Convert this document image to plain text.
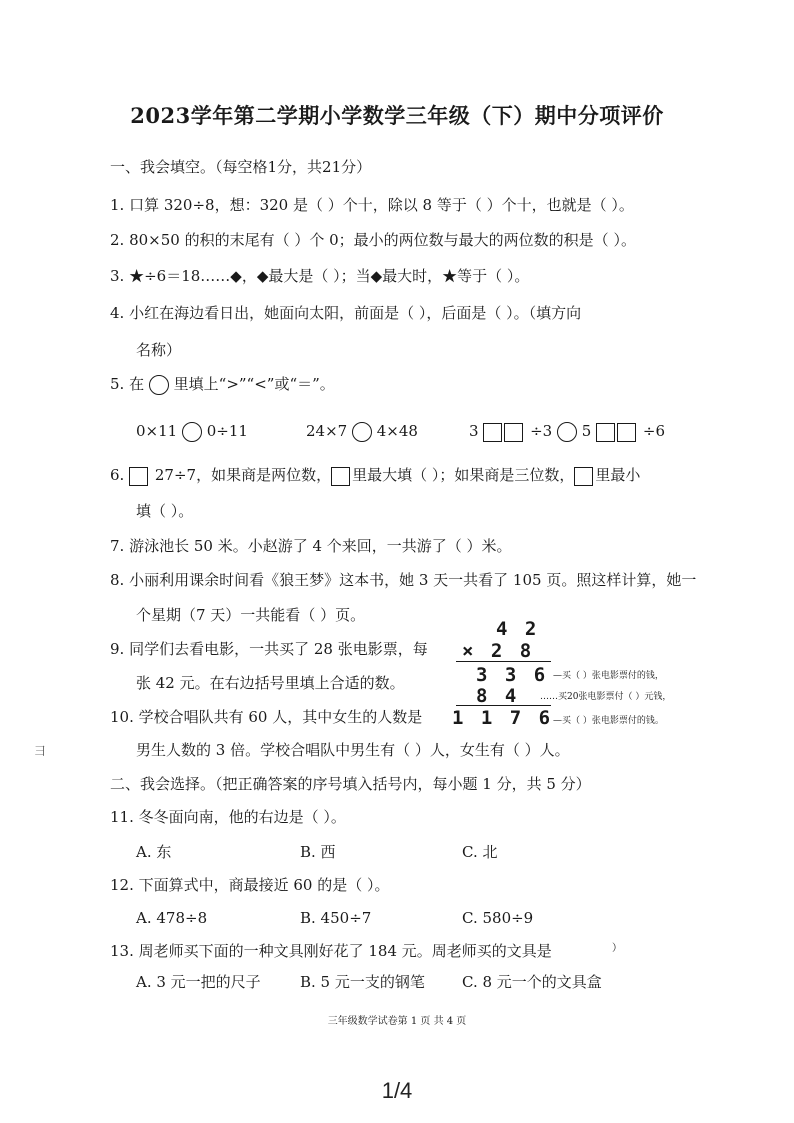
2023学年第二学期小学数学三年级（下）期中分项评价
一、我会填空。（每空格1分，共21分）
1. 口算 320÷8，想：320 是（ ）个十，除以 8 等于（ ）个十，也就是（ ）。
2. 80×50 的积的末尾有（ ）个 0；最小的两位数与最大的两位数的积是（ ）。
3. ★÷6＝18……◆，◆最大是（ ）；当◆最大时，★等于（ ）。
4. 小红在海边看日出，她面向太阳，前面是（ ），后面是（ ）。（填方向
名称）
5. 在 里填上“>”“<”或“＝”。
0×11 0÷11	24×7 4×48	3	÷3 5	÷6
6. 27÷7，如果商是两位数， 里最大填（ ）；如果商是三位数， 里最小
填（ ）。
7. 游泳池长 50 米。小赵游了 4 个来回，一共游了（ ）米。
8. 小丽利用课余时间看《狼王梦》这本书，她 3 天一共看了 105 页。照这样计算，她一
个星期（7 天）一共能看（ ）页。
9. 同学们去看电影，一共买了 28 张电影票，每
张 42 元。在右边括号里填上合适的数。
10. 学校合唱队共有 60 人，其中女生的人数是
男生人数的 3 倍。学校合唱队中男生有（ ）人，女生有（ ）人。
4 2
× 2 8
3 3 6
8 4
1 1 7 6
—买（ ）张电影票付的钱，
……买20张电影票付（ ）元钱，
—买（ ）张电影票付的钱。
二、我会选择。（把正确答案的序号填入括号内，每小题 1 分，共 5 分）
11. 冬冬面向南，他的右边是（ ）。
A. 东	B. 西	C. 北
12. 下面算式中，商最接近 60 的是（ ）。
A. 478÷8	B. 450÷7	C. 580÷9
13. 周老师买下面的一种文具刚好花了 184 元。周老师买的文具是	）
A. 3 元一把的尺子	B. 5 元一支的钢笔 C. 8 元一个的文具盒
三年级数学试卷第 1 页 共 4 页
1/4
彐
